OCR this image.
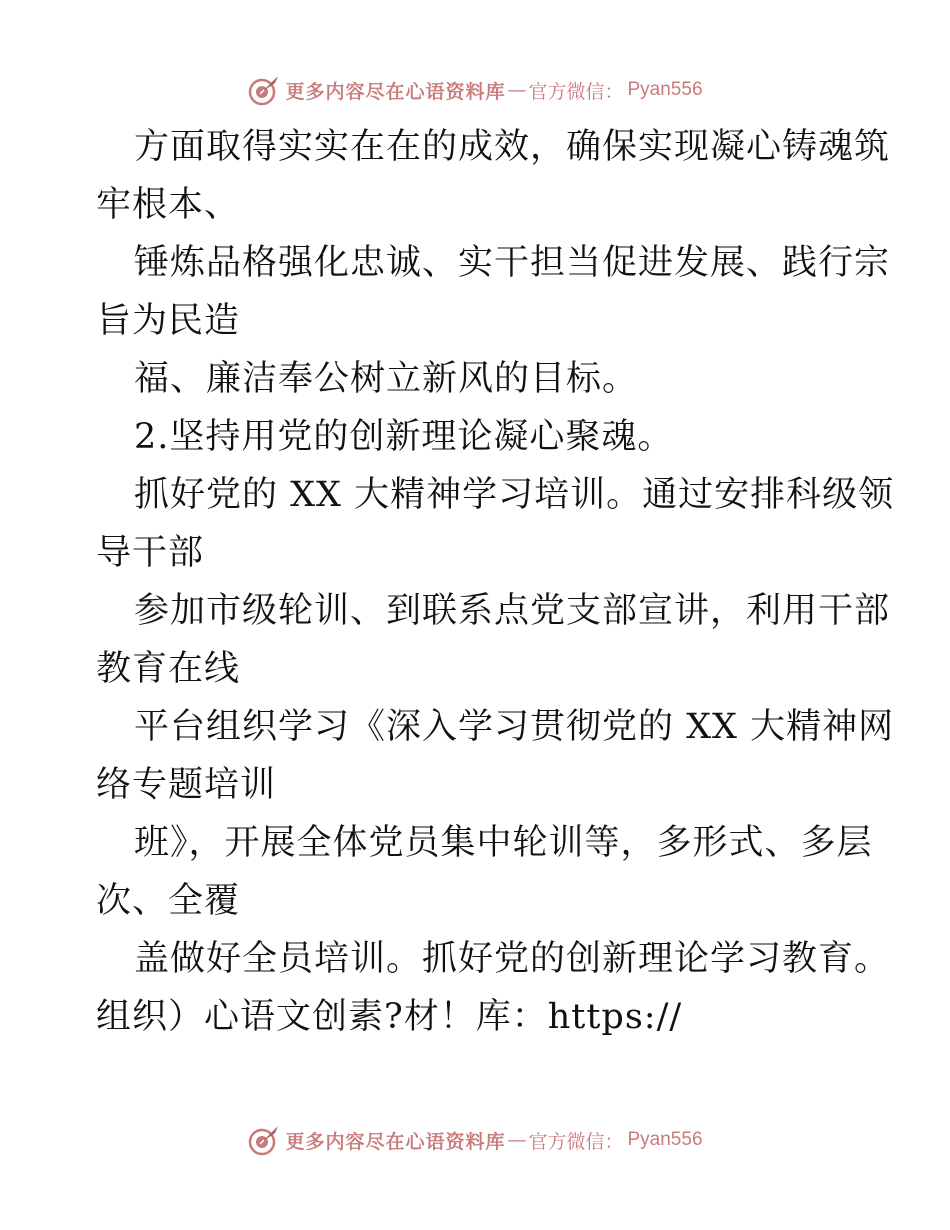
更多内容尽在心语资料库 — 官方微信： Pyan556
方面取得实实在在的成效，确保实现凝心铸魂筑
牢根本、
锤炼品格强化忠诚、实干担当促进发展、践行宗
旨为民造
福、廉洁奉公树立新风的目标。
2.坚持用党的创新理论凝心聚魂。
抓好党的 XX 大精神学习培训。通过安排科级领
导干部
参加市级轮训、到联系点党支部宣讲，利用干部
教育在线
平台组织学习《深入学习贯彻党的 XX 大精神网
络专题培训
班》，开展全体党员集中轮训等，多形式、多层
次、全覆
盖做好全员培训。抓好党的创新理论学习教育。
组织）心语文创素?材！库：https://
更多内容尽在心语资料库 — 官方微信： Pyan556
